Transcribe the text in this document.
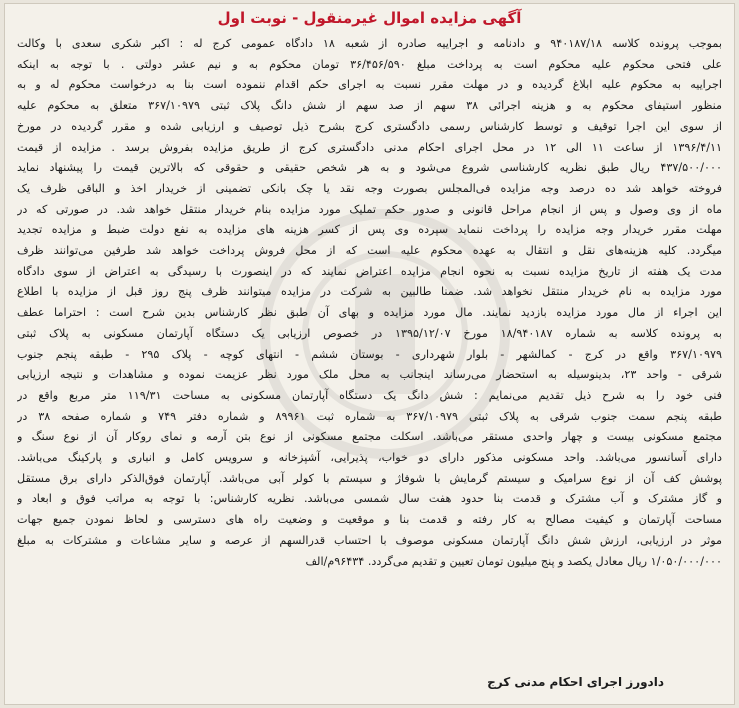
آگهی مزایده اموال غیرمنقول - نوبت اول
بموجب پرونده کلاسه ۹۴۰۱۸۷/۱۸ و دادنامه و اجراییه صادره از شعبه ۱۸ دادگاه عمومی کرج له : اکبر شکری سعدی با وکالت
علی فتحی محکوم علیه محکوم است به پرداخت مبلغ ۳۶/۴۵۶/۵۹۰ تومان محکوم به و نیم عشر دولتی . با توجه به اینکه
اجراییه به محکوم علیه ابلاغ گردیده و در مهلت مقرر نسبت به اجرای حکم اقدام ننموده است بنا به درخواست محکوم له و به
منظور استیفای محکوم به و هزینه اجرائی ۳۸ سهم از صد سهم از شش دانگ پلاک ثبتی ۳۶۷/۱۰۹۷۹ متعلق به محکوم علیه
از سوی این اجرا توقیف و توسط کارشناس رسمی دادگستری کرج بشرح ذیل توصیف و ارزیابی شده و مقرر گردیده در مورخ
۱۳۹۶/۴/۱۱ از ساعت ۱۱ الی ۱۲ در محل اجرای احکام مدنی دادگستری کرج از طریق مزایده بفروش برسد . مزایده از قیمت
۴۳۷/۵۰۰/۰۰۰ ریال طبق نظریه کارشناسی شروع می‌شود و به هر شخص حقیقی و حقوقی که بالاترین قیمت را پیشنهاد نماید
فروخته خواهد شد ده درصد وجه مزایده فی‌المجلس بصورت وجه نقد یا چک بانکی تضمینی از خریدار اخذ و الباقی ظرف یک
ماه از وی وصول و پس از انجام مراحل قانونی و صدور حکم تملیک مورد مزایده بنام خریدار منتقل خواهد شد. در صورتی که در
مهلت مقرر خریدار وجه مزایده را پرداخت ننماید سپرده وی پس از کسر هزینه های مزایده به نفع دولت ضبط و مزایده تجدید
میگردد. کلیه هزینه‌های نقل و انتقال به عهده محکوم علیه است که از محل فروش پرداخت خواهد شد طرفین می‌توانند ظرف
مدت یک هفته از تاریخ مزایده نسبت به نحوه انجام مزایده اعتراض نمایند که در اینصورت با رسیدگی به اعتراض از سوی دادگاه
مورد مزایده به نام خریدار منتقل نخواهد شد. ضمنا طالبین به شرکت در مزایده میتوانند ظرف پنج روز قبل از مزایده با اطلاع
این اجراء از مال مورد مزایده بازدید نمایند. مال مورد مزایده و بهای آن طبق نظر کارشناس بدین شرح است : احتراما عطف
به پرونده کلاسه به شماره ۱۸/۹۴۰۱۸۷ مورخ ۱۳۹۵/۱۲/۰۷ در خصوص ارزیابی یک دستگاه آپارتمان مسکونی به پلاک ثبتی
۳۶۷/۱۰۹۷۹ واقع در کرج - کمالشهر - بلوار شهرداری - بوستان ششم - انتهای کوچه - پلاک ۲۹۵ - طبقه پنجم جنوب
شرقی - واحد ۲۳، بدینوسیله به استحضار می‌رساند اینجانب به محل ملک مورد نظر عزیمت نموده و مشاهدات و نتیجه ارزیابی
فنی خود را به شرح ذیل تقدیم می‌نمایم : شش دانگ یک دستگاه آپارتمان مسکونی به مساحت ۱۱۹/۳۱ متر مربع واقع در
طبقه پنجم سمت جنوب شرقی به پلاک ثبتی ۳۶۷/۱۰۹۷۹ به شماره ثبت ۸۹۹۶۱ و شماره دفتر ۷۴۹ و شماره صفحه ۳۸ در
مجتمع مسکونی بیست و چهار واحدی مستقر می‌باشد. اسکلت مجتمع مسکونی از نوع بتن آرمه و نمای روکار آن از نوع سنگ و
دارای آسانسور می‌باشد. واحد مسکونی مذکور دارای دو خواب، پذیرایی، آشپزخانه و سرویس کامل و انباری و پارکینگ می‌باشد.
پوشش کف آن از نوع سرامیک و سیستم گرمایش با شوفاژ و سیستم با کولر آبی می‌باشد. آپارتمان فوق‌الذکر دارای برق مستقل
و گاز مشترک و آب مشترک و قدمت بنا حدود هفت سال شمسی می‌باشد. نظریه کارشناس: با توجه به مراتب فوق و ابعاد و
مساحت آپارتمان و کیفیت مصالح به کار رفته و قدمت بنا و موقعیت و وضعیت راه های دسترسی و لحاظ نمودن جمیع جهات
موثر در ارزیابی، ارزش شش دانگ آپارتمان مسکونی موصوف با احتساب قدرالسهم از عرصه و سایر مشاعات و مشترکات به مبلغ
۱/۰۵۰/۰۰۰/۰۰۰ ریال معادل یکصد و پنج میلیون تومان تعیین و تقدیم می‌گردد. ۹۶۴۳۴م/الف
دادورز اجرای احکام مدنی کرج
